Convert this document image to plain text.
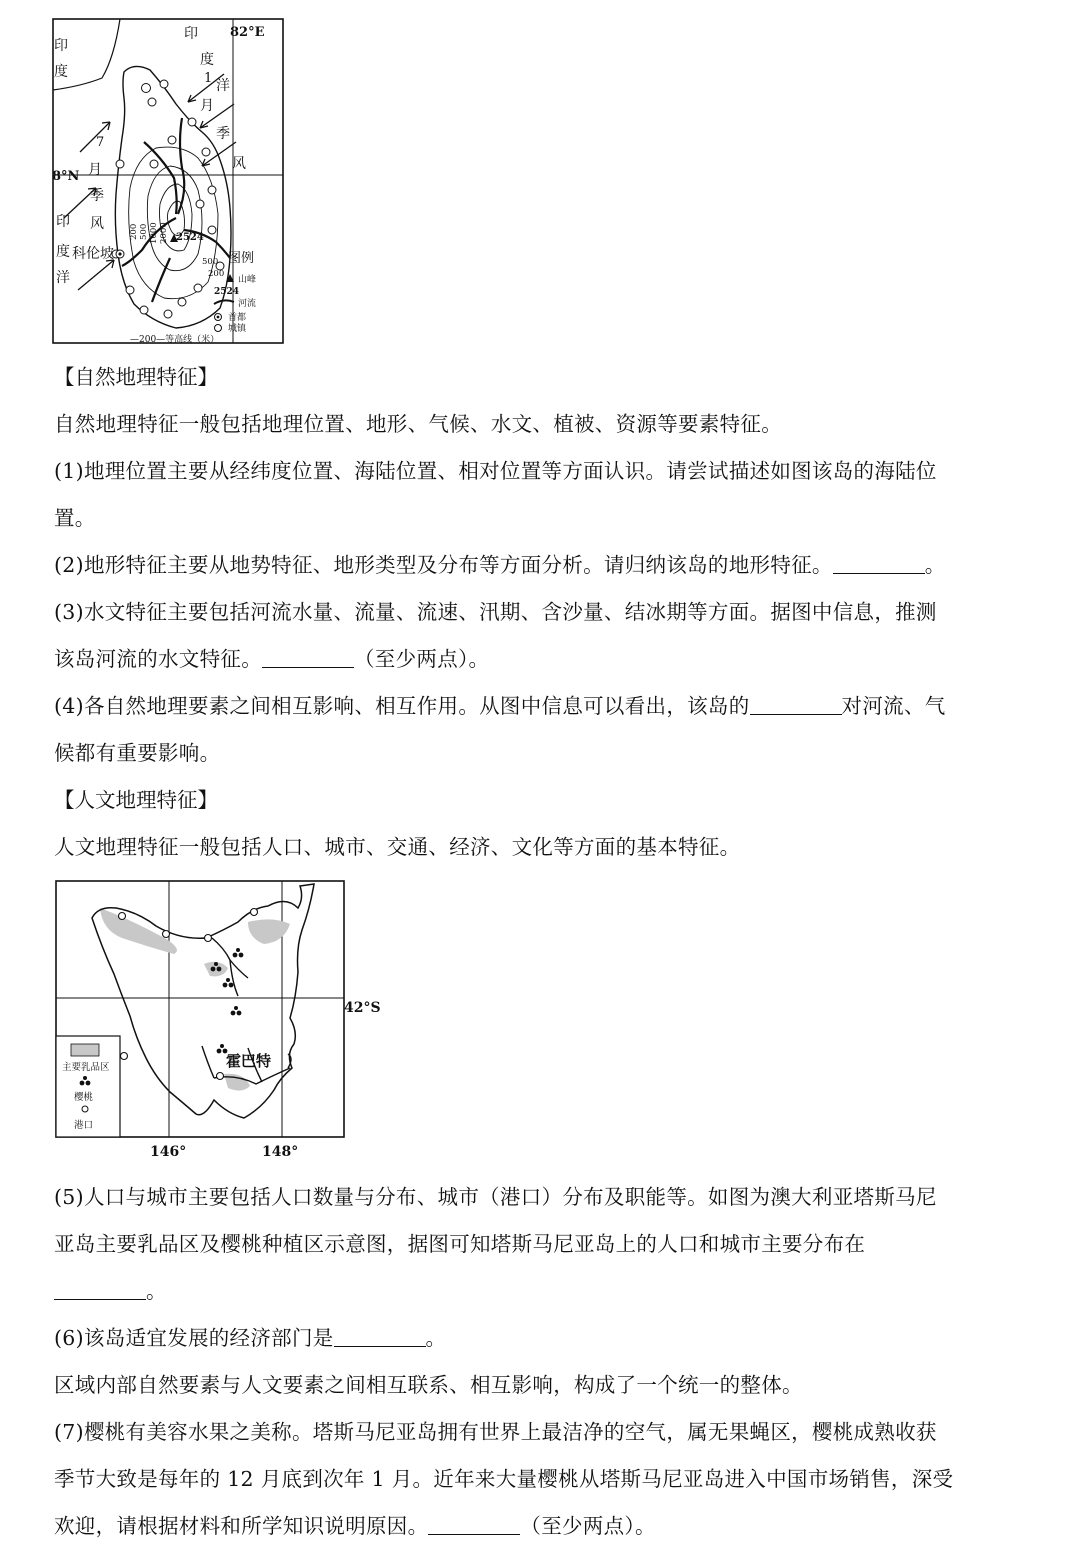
82°E
8°N
印
度
印
度
洋
1
月
季
风
7
月
季
风
印
度
洋
科伦坡
200 500 1000 2000
500
200
2524
图例
山峰
2524
河流
首都
城镇
—200—等高线（米）
【自然地理特征】
自然地理特征一般包括地理位置、地形、气候、水文、植被、资源等要素特征。
(1)地理位置主要从经纬度位置、海陆位置、相对位置等方面认识。请尝试描述如图该岛的海陆位
置。
(2)地形特征主要从地势特征、地形类型及分布等方面分析。请归纳该岛的地形特征。	。
(3)水文特征主要包括河流水量、流量、流速、汛期、含沙量、结冰期等方面。据图中信息，推测
该岛河流的水文特征。	（至少两点）。
(4)各自然地理要素之间相互影响、相互作用。从图中信息可以看出，该岛的	对河流、气
候都有重要影响。
【人文地理特征】
人文地理特征一般包括人口、城市、交通、经济、文化等方面的基本特征。
霍巴特
42°S
146°	148°
主要乳品区
樱桃
港口
(5)人口与城市主要包括人口数量与分布、城市（港口）分布及职能等。如图为澳大利亚塔斯马尼
亚岛主要乳品区及樱桃种植区示意图，据图可知塔斯马尼亚岛上的人口和城市主要分布在
。
(6)该岛适宜发展的经济部门是	。
区域内部自然要素与人文要素之间相互联系、相互影响，构成了一个统一的整体。
(7)樱桃有美容水果之美称。塔斯马尼亚岛拥有世界上最洁净的空气，属无果蝇区，樱桃成熟收获
季节大致是每年的 12 月底到次年 1 月。近年来大量樱桃从塔斯马尼亚岛进入中国市场销售，深受
欢迎，请根据材料和所学知识说明原因。	（至少两点）。
